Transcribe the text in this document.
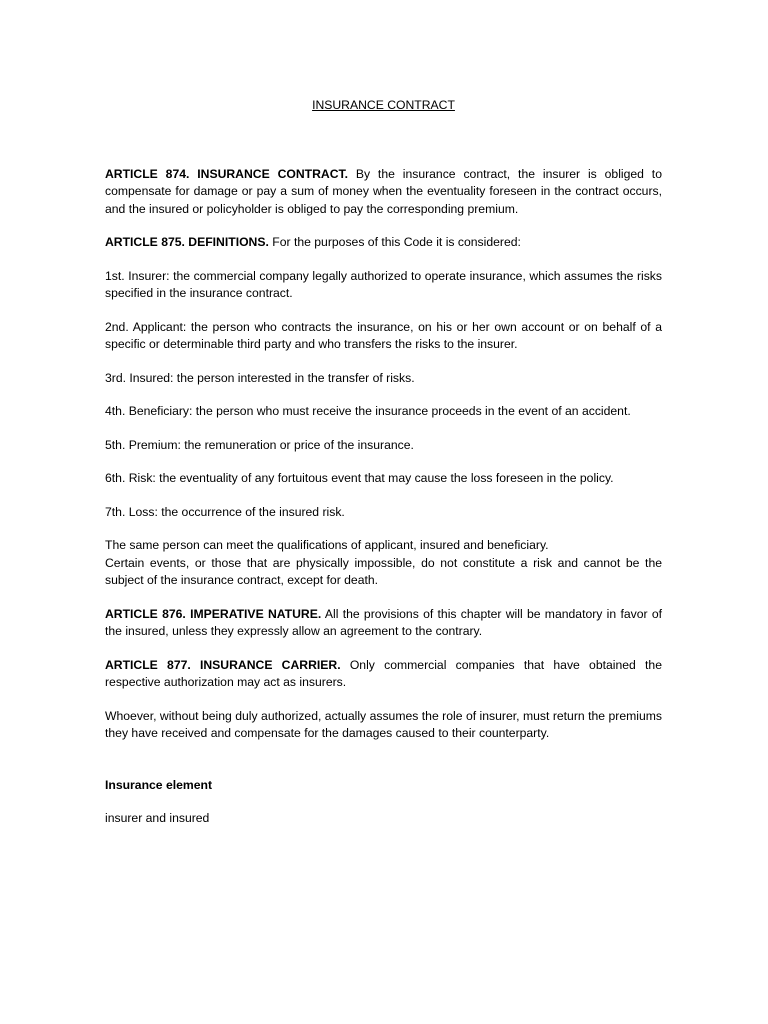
INSURANCE CONTRACT

ARTICLE 874. INSURANCE CONTRACT. By the insurance contract, the insurer is obliged to compensate for damage or pay a sum of money when the eventuality foreseen in the contract occurs, and the insured or policyholder is obliged to pay the corresponding premium.

ARTICLE 875. DEFINITIONS. For the purposes of this Code it is considered:

1st. Insurer: the commercial company legally authorized to operate insurance, which assumes the risks specified in the insurance contract.

2nd. Applicant: the person who contracts the insurance, on his or her own account or on behalf of a specific or determinable third party and who transfers the risks to the insurer.

3rd. Insured: the person interested in the transfer of risks.

4th. Beneficiary: the person who must receive the insurance proceeds in the event of an accident.

5th. Premium: the remuneration or price of the insurance.

6th. Risk: the eventuality of any fortuitous event that may cause the loss foreseen in the policy.

7th. Loss: the occurrence of the insured risk.

The same person can meet the qualifications of applicant, insured and beneficiary.

Certain events, or those that are physically impossible, do not constitute a risk and cannot be the subject of the insurance contract, except for death.

ARTICLE 876. IMPERATIVE NATURE. All the provisions of this chapter will be mandatory in favor of the insured, unless they expressly allow an agreement to the contrary.

ARTICLE 877. INSURANCE CARRIER. Only commercial companies that have obtained the respective authorization may act as insurers.

Whoever, without being duly authorized, actually assumes the role of insurer, must return the premiums they have received and compensate for the damages caused to their counterparty.

Insurance element

insurer and insured
